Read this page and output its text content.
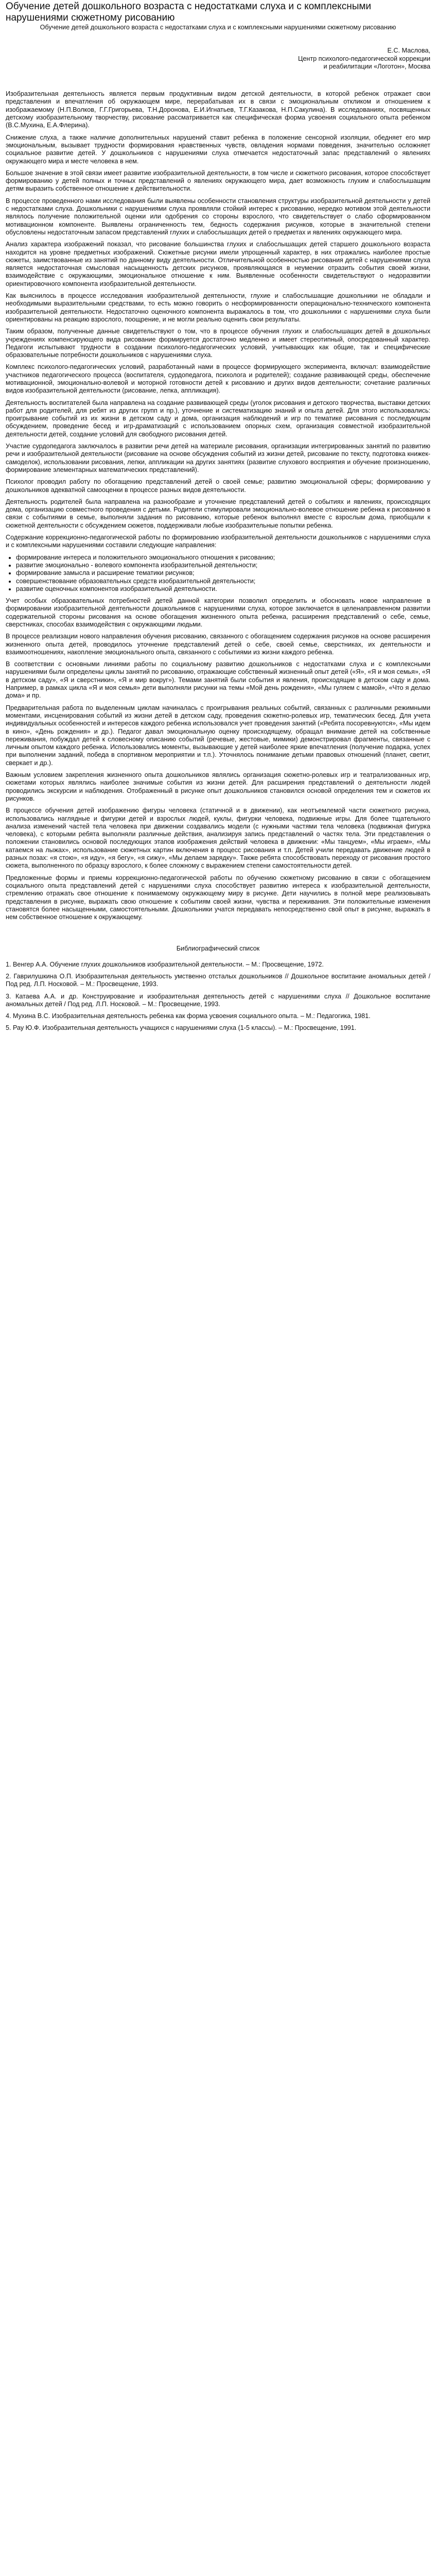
Обучение детей дошкольного возраста с недостатками слуха и с комплексными нарушениями сюжетному рисованию
Обучение детей дошкольного возраста с недостатками слуха и с комплексными нарушениями сюжетному рисованию
Е.С. Маслова,
Центр психолого-педагогической коррекции
и реабилитации «Логотон», Москва

Изобразительная деятельность является первым продуктивным видом детской деятельности, в которой ребенок отражает свои представления и впечатления об окружающем мире, перерабатывая их в связи с эмоциональным откликом и отношением к изображаемому (Н.П.Волков, Г.Г.Григорьева, Т.Н.Доронова, Е.И.Игнатьев, Т.Г.Казакова, Н.П.Сакулина). В исследованиях, посвященных детскому изобразительному творчеству, рисование рассматривается как специфическая форма усвоения социального опыта ребенком (В.С.Мухина, Е.А.Флерина).

Снижение слуха, а также наличие дополнительных нарушений ставит ребенка в положение сенсорной изоляции, обедняет его мир эмоциональным, вызывает трудности формирования нравственных чувств, овладения нормами поведения, значительно осложняет социальное развитие детей. У дошкольников с нарушениями слуха отмечается недостаточный запас представлений о явлениях окружающего мира и месте человека в нем.

Большое значение в этой связи имеет развитие изобразительной деятельности, в том числе и сюжетного рисования, которое способствует формированию у детей полных и точных представлений о явлениях окружающего мира, дает возможность глухим и слабослышащим детям выразить собственное отношение к действительности.

В процессе проведенного нами исследования были выявлены особенности становления структуры изобразительной деятельности у детей с недостатками слуха. Дошкольники с нарушениями слуха проявляли стойкий интерес к рисованию, нередко мотивом этой деятельности являлось получение положительной оценки или одобрения со стороны взрослого, что свидетельствует о слабо сформированном мотивационном компоненте. Выявлены ограниченность тем, бедность содержания рисунков, которые в значительной степени обусловлены недостаточным запасом представлений глухих и слабослышащих детей о предметах и явлениях окружающего мира.

Анализ характера изображений показал, что рисование большинства глухих и слабослышащих детей старшего дошкольного возраста находится на уровне предметных изображений. Сюжетные рисунки имели упрощенный характер, в них отражались наиболее простые сюжеты, заимствованные из занятий по данному виду деятельности. Отличительной особенностью рисования детей с нарушениями слуха является недостаточная смысловая насыщенность детских рисунков, проявляющаяся в неумении отразить события своей жизни, взаимодействие с окружающими, эмоциональное отношение к ним. Выявленные особенности свидетельствуют о недоразвитии ориентировочного компонента изобразительной деятельности.

Как выяснилось в процессе исследования изобразительной деятельности, глухие и слабослышащие дошкольники не обладали и необходимыми выразительными средствами, то есть можно говорить о несформированности операционально-технического компонента изобразительной деятельности. Недостаточно оценочного компонента выражалось в том, что дошкольники с нарушениями слуха были ориентированы на реакцию взрослого, поощрение, и не могли реально оценить свои результаты.

Таким образом, полученные данные свидетельствуют о том, что в процессе обучения глухих и слабослышащих детей в дошкольных учреждениях компенсирующего вида рисование формируется достаточно медленно и имеет стереотипный, опосредованный характер. Педагоги испытывают трудности в создании психолого-педагогических условий, учитывающих как общие, так и специфические образовательные потребности дошкольников с нарушениями слуха.

Комплекс психолого-педагогических условий, разработанный нами в процессе формирующего эксперимента, включал: взаимодействие участников педагогического процесса (воспитателя, сурдопедагога, психолога и родителей); создание развивающей среды, обеспечение мотивационной, эмоционально-волевой и моторной готовности детей к рисованию и других видов деятельности; сочетание различных видов изобразительной деятельности (рисование, лепка, аппликация).

Деятельность воспитателей была направлена на создание развивающей среды (уголок рисования и детского творчества, выставки детских работ для родителей, для ребят из других групп и пр.), уточнение и систематизацию знаний и опыта детей. Для этого использовались: проигрывание событий из их жизни в детском саду и дома, организация наблюдений и игр по тематике рисования с последующим обсуждением, проведение бесед и игр-драматизаций с использованием опорных схем, организация совместной изобразительной деятельности детей, создание условий для свободного рисования детей.

Участие сурдопедагога заключалось в развитии речи детей на материале рисования, организации интегрированных занятий по развитию речи и изобразительной деятельности (рисование на основе обсуждения событий из жизни детей, рисование по тексту, подготовка книжек-самоделок), использовании рисования, лепки, аппликации на других занятиях (развитие слухового восприятия и обучение произношению, формирование элементарных математических представлений).

Психолог проводил работу по обогащению представлений детей о своей семье; развитию эмоциональной сферы; формированию у дошкольников адекватной самооценки в процессе разных видов деятельности.

Деятельность родителей была направлена на разнообразие и уточнение представлений детей о событиях и явлениях, происходящих дома, организацию совместного проведения с детьми. Родители стимулировали эмоционально-волевое отношение ребенка к рисованию в связи с событиями в семье, выполняли задания по рисованию, которые ребенок выполнял вместе с взрослым дома, приобщали к сюжетной деятельности с обсуждением сюжетов, поддерживали любые изобразительные попытки ребенка.

Содержание коррекционно-педагогической работы по формированию изобразительной деятельности дошкольников с нарушениями слуха и с комплексными нарушениями составили следующие направления:

• формирование интереса и положительного эмоционального отношения к рисованию;
• развитие эмоционально - волевого компонента изобразительной деятельности;
• формирование замысла и расширение тематики рисунков;
• совершенствование образовательных средств изобразительной деятельности;
• развитие оценочных компонентов изобразительной деятельности.

Учет особых образовательных потребностей детей данной категории позволил определить и обосновать новое направление в формировании изобразительной деятельности дошкольников с нарушениями слуха, которое заключается в целенаправленном развитии содержательной стороны рисования на основе обогащения жизненного опыта ребенка, расширения представлений о себе, семье, сверстниках, способах взаимодействия с окружающими людьми.

В процессе реализации нового направления обучения рисованию, связанного с обогащением содержания рисунков на основе расширения жизненного опыта детей, проводилось уточнение представлений детей о себе, своей семье, сверстниках, их деятельности и взаимоотношениях, накопление эмоционального опыта, связанного с событиями из жизни каждого ребенка.

В соответствии с основными линиями работы по социальному развитию дошкольников с недостатками слуха и с комплексными нарушениями были определены циклы занятий по рисованию, отражающие собственный жизненный опыт детей («Я», «Я и моя семья», «Я в детском саду», «Я и сверстники», «Я и мир вокруг»). Темами занятий были события и явления, происходящие в детском саду и дома. Например, в рамках цикла «Я и моя семья» дети выполняли рисунки на темы «Мой день рождения», «Мы гуляем с мамой», «Что я делаю дома» и пр.

Предварительная работа по выделенным циклам начиналась с проигрывания реальных событий, связанных с различными режимными моментами, инсценирования событий из жизни детей в детском саду, проведения сюжетно-ролевых игр, тематических бесед. Для учета индивидуальных особенностей и интересов каждого ребенка использовался учет проведения занятий («Ребята посоревнуются», «Мы идем в кино», «День рождения» и др.). Педагог давал эмоциональную оценку происходящему, обращал внимание детей на собственные переживания, побуждал детей к словесному описанию событий (речевые, жестовые, мимики) демонстрировал фрагменты, связанные с личным опытом каждого ребенка. Использовались моменты, вызывающие у детей наиболее яркие впечатления (получение подарка, успех при выполнении заданий, победа в спортивном мероприятии и т.п.). Уточнялось понимание детьми правовых отношений (планет, светит, сверкает и др.).

Важным условием закрепления жизненного опыта дошкольников являлись организация сюжетно-ролевых игр и театрализованных игр, сюжетами которых являлись наиболее значимые события из жизни детей. Для расширения представлений о деятельности людей проводились экскурсии и наблюдения. Отображенный в рисунке опыт дошкольников становился основой определения тем и сюжетов их рисунков.

В процессе обучения детей изображению фигуры человека (статичной и в движении), как неотъемлемой части сюжетного рисунка, использовались наглядные и фигурки детей и взрослых людей, куклы, фигурки человека, подвижные игры. Для более тщательного анализа изменений частей тела человека при движении создавались модели (с нужными частями тела человека (подвижная фигурка человека), с которыми ребята выполняли различные действия, анализируя запись представлений о частях тела. Эти представления о положении становились основой последующих этапов изображения действий человека в движении: «Мы танцуем», «Мы играем», «Мы катаемся на лыжах», использование сюжетных картин включения в процесс рисования и т.п. Детей учили передавать движение людей в разных позах: «я стою», «я иду», «я бегу», «я сижу», «Мы делаем зарядку». Также ребята способствовать переходу от рисования простого сюжета, выполненного по образцу взрослого, к более сложному с выражением степени самостоятельности детей.

Предложенные формы и приемы коррекционно-педагогической работы по обучению сюжетному рисованию в связи с обогащением социального опыта представлений детей с нарушениями слуха способствует развитию интереса к изобразительной деятельности, стремлению отражать свое отношение к понимаемому окружающему миру в рисунке. Дети научились в полной мере реализовывать представления в рисунке, выражать свою отношение к событиям своей жизни, чувства и переживания. Эти положительные изменения становятся более насыщенными, самостоятельными. Дошкольники учатся передавать непосредственно свой опыт в рисунке, выражать в нем собственное отношение к окружающему.

Библиографический список
1. Венгер А.А. Обучение глухих дошкольников изобразительной деятельности. – М.: Просвещение, 1972.
2. Гаврилушкина О.П. Изобразительная деятельность умственно отсталых дошкольников // Дошкольное воспитание аномальных детей / Под ред. Л.П. Носковой. – М.: Просвещение, 1993.
3. Катаева А.А. и др. Конструирование и изобразительная деятельность детей с нарушениями слуха // Дошкольное воспитание аномальных детей / Под ред. Л.П. Носковой. – М.: Просвещение, 1993.
4. Мухина В.С. Изобразительная деятельность ребенка как форма усвоения социального опыта. – М.: Педагогика, 1981.
5. Рау Ю.Ф. Изобразительная деятельность учащихся с нарушениями слуха (1-5 классы). – М.: Просвещение, 1991.
